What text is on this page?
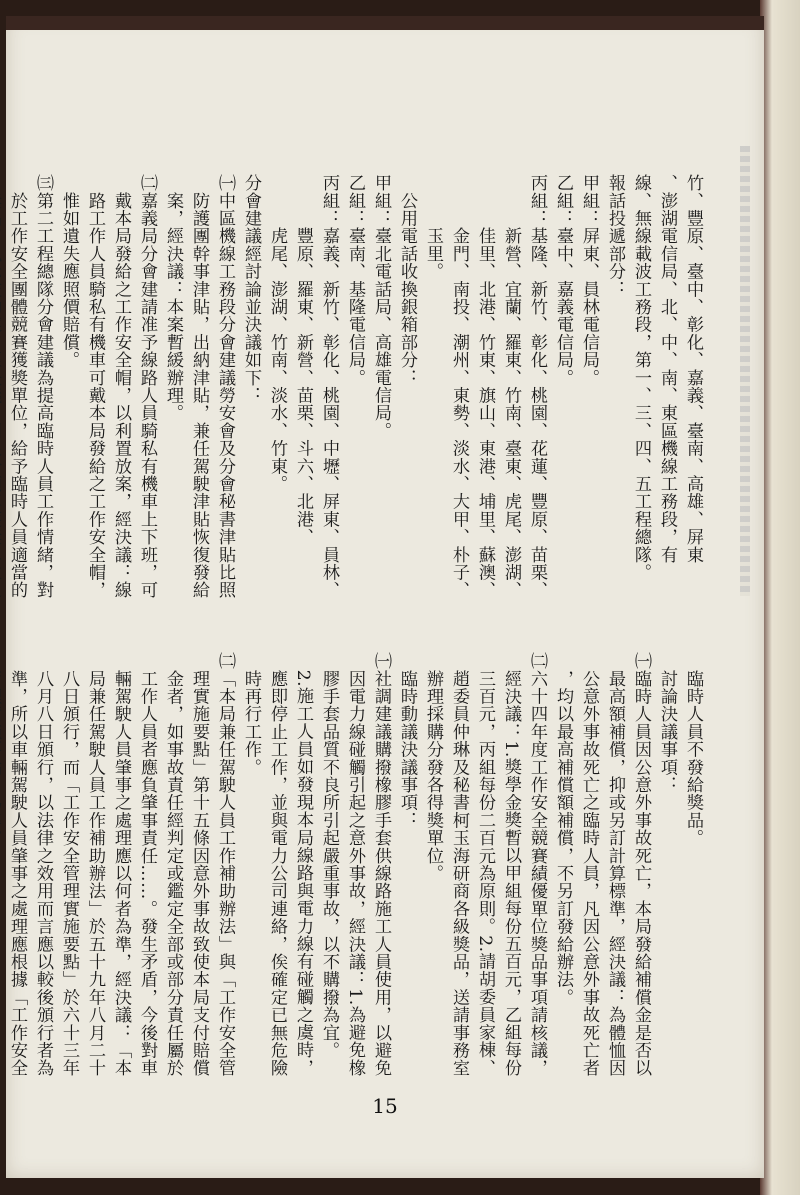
竹、豐原、臺中、彰化、嘉義、臺南、高雄、屏東
、澎湖電信局、北、中、南、東區機線工務段，有
線、無線載波工務段，第一、三、四、五工程總隊。
報話投遞部分：
甲組：屏東、員林電信局。
乙組：臺中、嘉義電信局。
丙組：基隆、新竹、彰化、桃園、花蓮、豐原、苗栗、
　　　新營、宜蘭、羅東、竹南、臺東、虎尾、澎湖、
　　　佳里、北港、竹東、旗山、東港、埔里、蘇澳、
　　　金門、南投、潮州、東勢、淡水、大甲、朴子、
　　　玉里。
　公用電話收換銀箱部分：
甲組：臺北電話局、高雄電信局。
乙組：臺南、基隆電信局。
丙組：嘉義、新竹、彰化、桃園、中壢、屏東、員林、
　　　豐原、羅東、新營、苗栗、斗六、北港、
　　　虎尾、澎湖、竹南、淡水、竹東。
分會建議經討論並決議如下：
㈠中區機線工務段分會建議勞安會及分會秘書津貼比照
　防護團幹事津貼，出納津貼，兼任駕駛津貼恢復發給
　案，經決議：本案暫緩辦理。
㈡嘉義局分會建請准予線路人員騎私有機車上下班，可
　戴本局發給之工作安全帽，以利置放案，經決議：線
　路工作人員騎私有機車可戴本局發給之工作安全帽，
　惟如遺失應照價賠償。
㈢第二工程總隊分會建議為提高臨時人員工作情緒，對
　於工作安全團體競賽獲獎單位，給予臨時人員適當的
　臨時人員不發給獎品。
　討論決議事項：
㈠臨時人員因公意外事故死亡，本局發給補償金是否以
　最高額補償，抑或另訂計算標準，經決議：為體恤因
　公意外事故死亡之臨時人員，凡因公意外事故死亡者
　，均以最高補償額補償，不另訂發給辦法。
㈡六十四年度工作安全競賽績優單位獎品事項請核議，
　經決議：1.獎學金獎暫以甲組每份五百元，乙組每份
　三百元，丙組每份二百元為原則。2.請胡委員家棟、
　趙委員仲琳及秘書柯玉海研商各級獎品，送請事務室
　辦理採購分發各得獎單位。
　臨時動議決議事項：
㈠社調建議購撥橡膠手套供線路施工人員使用，以避免
　因電力線碰觸引起之意外事故，經決議：1.為避免橡
　膠手套品質不良所引起嚴重事故，以不購撥為宜。
　2.施工人員如發現本局線路與電力線有碰觸之虞時，
　應即停止工作，並與電力公司連絡，俟確定已無危險
　時再行工作。
㈡「本局兼任駕駛人員工作補助辦法」與「工作安全管
　理實施要點」第十五條因意外事故致使本局支付賠償
　金者，如事故責任經判定或鑑定全部或部分責任屬於
　工作人員者應負肇事責任……。發生矛盾，今後對車
　輛駕駛人員肇事之處理應以何者為準，經決議：「本
　局兼任駕駛人員工作補助辦法」於五十九年八月二十
　八日頒行，而「工作安全管理實施要點」於六十三年
　八月八日頒行，以法律之效用而言應以較後頒行者為
　準，所以車輛駕駛人員肇事之處理應根據「工作安全
15
